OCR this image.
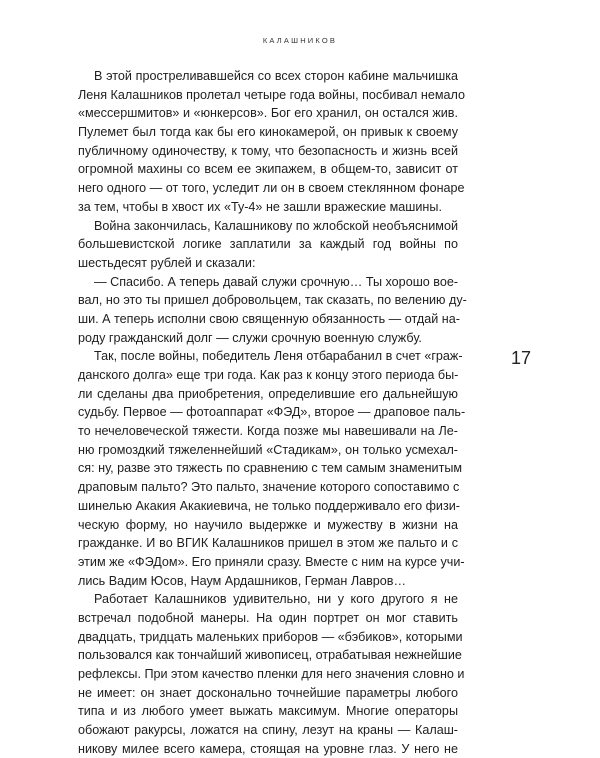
КАЛАШНИКОВ
17
В этой простреливавшейся со всех сторон кабине мальчишка
Леня Калашников пролетал четыре года войны, посбивал немало
«мессершмитов» и «юнкерсов». Бог его хранил, он остался жив.
Пулемет был тогда как бы его кинокамерой, он привык к своему
публичному одиночеству, к тому, что безопасность и жизнь всей
огромной махины со всем ее экипажем, в общем-то, зависит от
него одного — от того, уследит ли он в своем стеклянном фонаре
за тем, чтобы в хвост их «Ту-4» не зашли вражеские машины.
Война закончилась, Калашникову по жлобской необъяснимой
большевистской логике заплатили за каждый год войны по
шестьдесят рублей и сказали:
— Спасибо. А теперь давай служи срочную… Ты хорошо вое-
вал, но это ты пришел добровольцем, так сказать, по велению ду-
ши. А теперь исполни свою священную обязанность — отдай на-
роду гражданский долг — служи срочную военную службу.
Так, после войны, победитель Леня отбарабанил в счет «граж-
данского долга» еще три года. Как раз к концу этого периода бы-
ли сделаны два приобретения, определившие его дальнейшую
судьбу. Первое — фотоаппарат «ФЭД», второе — драповое паль-
то нечеловеческой тяжести. Когда позже мы навешивали на Ле-
ню громоздкий тяжеленнейший «Стадикам», он только усмехал-
ся: ну, разве это тяжесть по сравнению с тем самым знаменитым
драповым пальто? Это пальто, значение которого сопоставимо с
шинелью Акакия Акакиевича, не только поддерживало его физи-
ческую форму, но научило выдержке и мужеству в жизни на
гражданке. И во ВГИК Калашников пришел в этом же пальто и с
этим же «ФЭДом». Его приняли сразу. Вместе с ним на курсе учи-
лись Вадим Юсов, Наум Ардашников, Герман Лавров…
Работает Калашников удивительно, ни у кого другого я не
встречал подобной манеры. На один портрет он мог ставить
двадцать, тридцать маленьких приборов — «бэбиков», которыми
пользовался как тончайший живописец, отрабатывая нежнейшие
рефлексы. При этом качество пленки для него значения словно и
не имеет: он знает досконально точнейшие параметры любого
типа и из любого умеет выжать максимум. Многие операторы
обожают ракурсы, ложатся на спину, лезут на краны — Калаш-
никову милее всего камера, стоящая на уровне глаз. У него не
